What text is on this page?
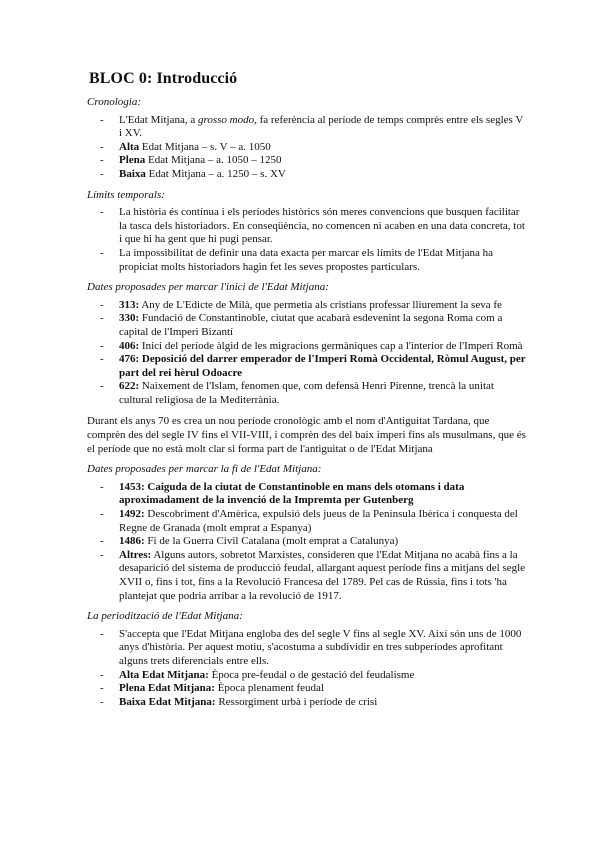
BLOC 0: Introducció
Cronologia:
- L'Edat Mitjana, a grosso modo, fa referència al període de temps comprès entre els segles V i XV.
- Alta Edat Mitjana – s. V – a. 1050
- Plena Edat Mitjana – a. 1050 – 1250
- Baixa Edat Mitjana – a. 1250 – s. XV
Límits temporals:
- La història és contínua i els períodes històrics són meres convencions que busquen facilitar la tasca dels historiadors. En conseqüència, no comencen ni acaben en una data concreta, tot i que hi ha gent que hi pugi pensar.
- La impossibilitat de definir una data exacta per marcar els límits de l'Edat Mitjana ha propiciat molts historiadors hagin fet les seves propostes particulars.
Dates proposades per marcar l'inici de l'Edat Mitjana:
- 313: Any de L'Edicte de Milà, que permetia als cristians professar lliurement la seva fe
- 330: Fundació de Constantinoble, ciutat que acabarà esdevenint la segona Roma com a capital de l'Imperi Bizantí
- 406: Inici del període àlgid de les migracions germàniques cap a l'interior de l'Imperi Romà
- 476: Deposició del darrer emperador de l'Imperi Romà Occidental, Ròmul August, per part del rei hèrul Odoacre
- 622: Naixement de l'Islam, fenomen que, com defensà Henri Pirenne, trencà la unitat cultural religiosa de la Mediterrània.
Durant els anys 70 es crea un nou període cronològic amb el nom d'Antiguitat Tardana, que comprèn des del segle IV fins el VII-VIII, i comprèn des del baix imperi fins als musulmans, que és el període que no està molt clar si forma part de l'antiguitat o de l'Edat Mitjana
Dates proposades per marcar la fi de l'Edat Mitjana:
- 1453: Caiguda de la ciutat de Constantinoble en mans dels otomans i data aproximadament de la invenció de la Impremta per Gutenberg
- 1492: Descobriment d'Amèrica, expulsió dels jueus de la Península Ibèrica i conquesta del Regne de Granada (molt emprat a Espanya)
- 1486: Fi de la Guerra Civil Catalana (molt emprat a Catalunya)
- Altres: Alguns autors, sobretot Marxistes, consideren que l'Edat Mitjana no acabà fins a la desaparició del sistema de producció feudal, allargant aquest període fins a mitjans del segle XVII o, fins i tot, fins a la Revolució Francesa del 1789. Pel cas de Rússia, fins i tots 'ha plantejat que podria arribar a la revolució de 1917.
La periodització de l'Edat Mitjana:
- S'accepta que l'Edat Mitjana engloba des del segle V fins al segle XV. Així són uns de 1000 anys d'història. Per aquest motiu, s'acostuma a subdividir en tres subperíodes aprofitant alguns trets diferencials entre ells.
- Alta Edat Mitjana: Època pre-feudal o de gestació del feudalisme
- Plena Edat Mitjana: Època plenament feudal
- Baixa Edat Mitjana: Ressorgiment urbà i període de crisi
